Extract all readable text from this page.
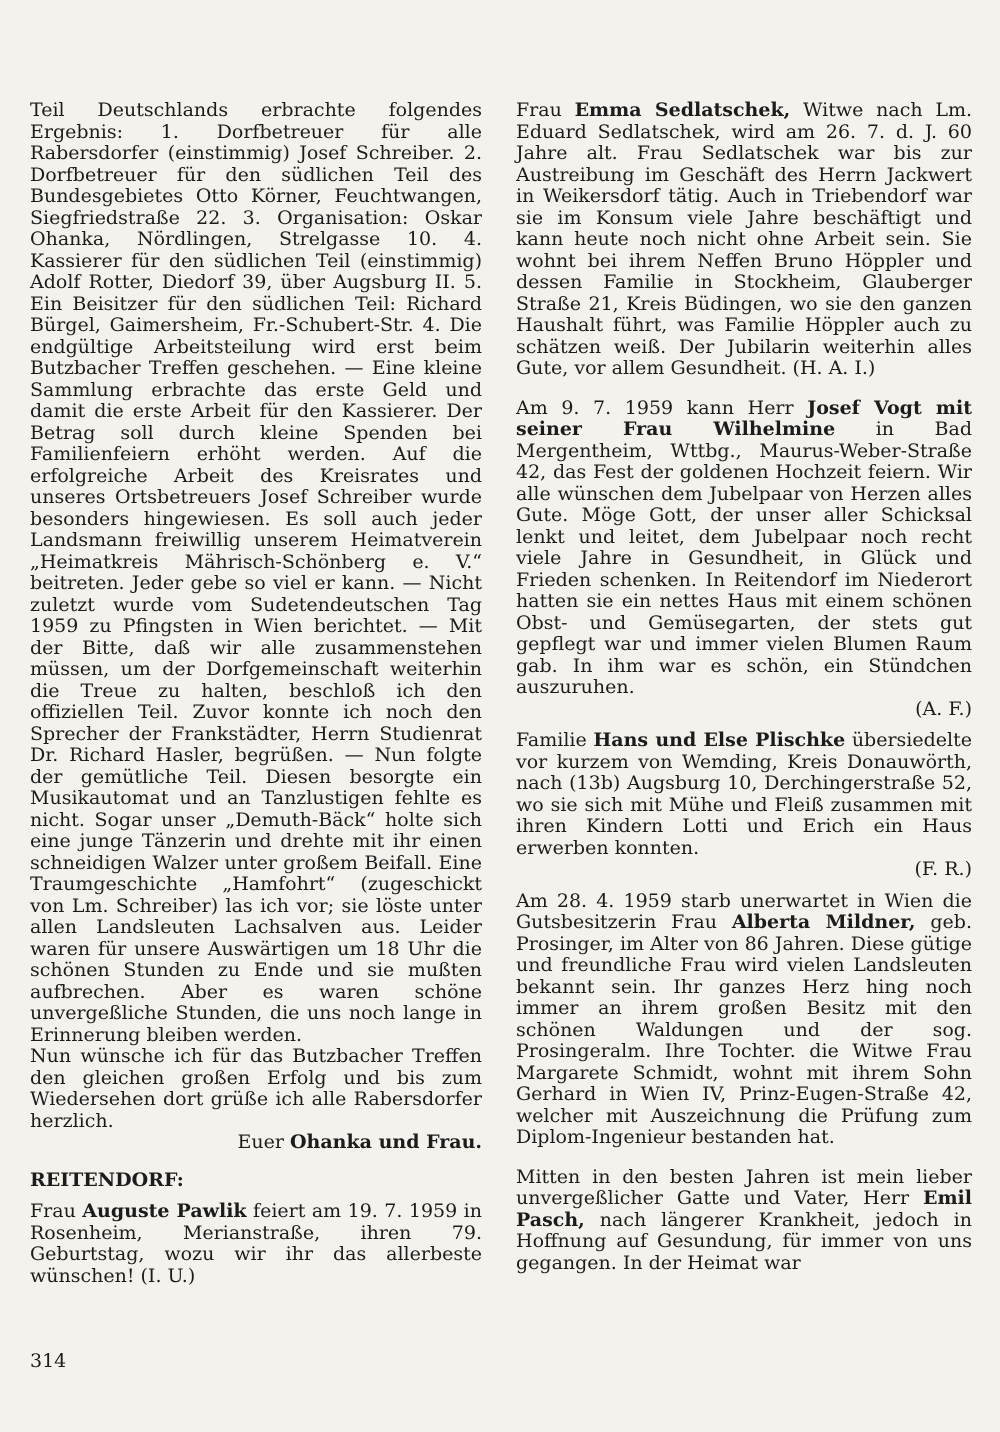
Teil Deutschlands erbrachte folgendes Ergebnis: 1. Dorfbetreuer für alle Rabersdorfer (einstimmig) Josef Schreiber. 2. Dorfbetreuer für den südlichen Teil des Bundesgebietes Otto Körner, Feuchtwangen, Siegfriedstraße 22. 3. Organisation: Oskar Ohanka, Nördlingen, Strelgasse 10. 4. Kassierer für den südlichen Teil (einstimmig) Adolf Rotter, Diedorf 39, über Augsburg II. 5. Ein Beisitzer für den südlichen Teil: Richard Bürgel, Gaimersheim, Fr.-Schubert-Str. 4. Die endgültige Arbeitsteilung wird erst beim Butzbacher Treffen geschehen. — Eine kleine Sammlung erbrachte das erste Geld und damit die erste Arbeit für den Kassierer. Der Betrag soll durch kleine Spenden bei Familienfeiern erhöht werden. Auf die erfolgreiche Arbeit des Kreisrates und unseres Ortsbetreuers Josef Schreiber wurde besonders hingewiesen. Es soll auch jeder Landsmann freiwillig unserem Heimatverein „Heimatkreis Mährisch-Schönberg e. V.“ beitreten. Jeder gebe so viel er kann. — Nicht zuletzt wurde vom Sudetendeutschen Tag 1959 zu Pfingsten in Wien berichtet. — Mit der Bitte, daß wir alle zusammenstehen müssen, um der Dorfgemeinschaft weiterhin die Treue zu halten, beschloß ich den offiziellen Teil. Zuvor konnte ich noch den Sprecher der Frankstädter, Herrn Studienrat Dr. Richard Hasler, begrüßen. — Nun folgte der gemütliche Teil. Diesen besorgte ein Musikautomat und an Tanzlustigen fehlte es nicht. Sogar unser „Demuth-Bäck“ holte sich eine junge Tänzerin und drehte mit ihr einen schneidigen Walzer unter großem Beifall. Eine Traumgeschichte „Hamfohrt“ (zugeschickt von Lm. Schreiber) las ich vor; sie löste unter allen Landsleuten Lachsalven aus. Leider waren für unsere Auswärtigen um 18 Uhr die schönen Stunden zu Ende und sie mußten aufbrechen. Aber es waren schöne unvergeßliche Stunden, die uns noch lange in Erinnerung bleiben werden.

Nun wünsche ich für das Butzbacher Treffen den gleichen großen Erfolg und bis zum Wiedersehen dort grüße ich alle Rabersdorfer herzlich.

Euer Ohanka und Frau.

REITENDORF:

Frau Auguste Pawlik feiert am 19. 7. 1959 in Rosenheim, Merianstraße, ihren 79. Geburtstag, wozu wir ihr das allerbeste wünschen! (I. U.)

Frau Emma Sedlatschek, Witwe nach Lm. Eduard Sedlatschek, wird am 26. 7. d. J. 60 Jahre alt. Frau Sedlatschek war bis zur Austreibung im Geschäft des Herrn Jackwert in Weikersdorf tätig. Auch in Triebendorf war sie im Konsum viele Jahre beschäftigt und kann heute noch nicht ohne Arbeit sein. Sie wohnt bei ihrem Neffen Bruno Höppler und dessen Familie in Stockheim, Glauberger Straße 21, Kreis Büdingen, wo sie den ganzen Haushalt führt, was Familie Höppler auch zu schätzen weiß. Der Jubilarin weiterhin alles Gute, vor allem Gesundheit. (H. A. I.)

Am 9. 7. 1959 kann Herr Josef Vogt mit seiner Frau Wilhelmine in Bad Mergentheim, Wttbg., Maurus-Weber-Straße 42, das Fest der goldenen Hochzeit feiern. Wir alle wünschen dem Jubelpaar von Herzen alles Gute. Möge Gott, der unser aller Schicksal lenkt und leitet, dem Jubelpaar noch recht viele Jahre in Gesundheit, in Glück und Frieden schenken. In Reitendorf im Niederort hatten sie ein nettes Haus mit einem schönen Obst- und Gemüsegarten, der stets gut gepflegt war und immer vielen Blumen Raum gab. In ihm war es schön, ein Stündchen auszuruhen.

(A. F.)

Familie Hans und Else Plischke übersiedelte vor kurzem von Wemding, Kreis Donauwörth, nach (13b) Augsburg 10, Derchingerstraße 52, wo sie sich mit Mühe und Fleiß zusammen mit ihren Kindern Lotti und Erich ein Haus erwerben konnten.

(F. R.)

Am 28. 4. 1959 starb unerwartet in Wien die Gutsbesitzerin Frau Alberta Mildner, geb. Prosinger, im Alter von 86 Jahren. Diese gütige und freundliche Frau wird vielen Landsleuten bekannt sein. Ihr ganzes Herz hing noch immer an ihrem großen Besitz mit den schönen Waldungen und der sog. Prosingeralm. Ihre Tochter. die Witwe Frau Margarete Schmidt, wohnt mit ihrem Sohn Gerhard in Wien IV, Prinz-Eugen-Straße 42, welcher mit Auszeichnung die Prüfung zum Diplom-Ingenieur bestanden hat.

Mitten in den besten Jahren ist mein lieber unvergeßlicher Gatte und Vater, Herr Emil Pasch, nach längerer Krankheit, jedoch in Hoffnung auf Gesundung, für immer von uns gegangen. In der Heimat war

314
